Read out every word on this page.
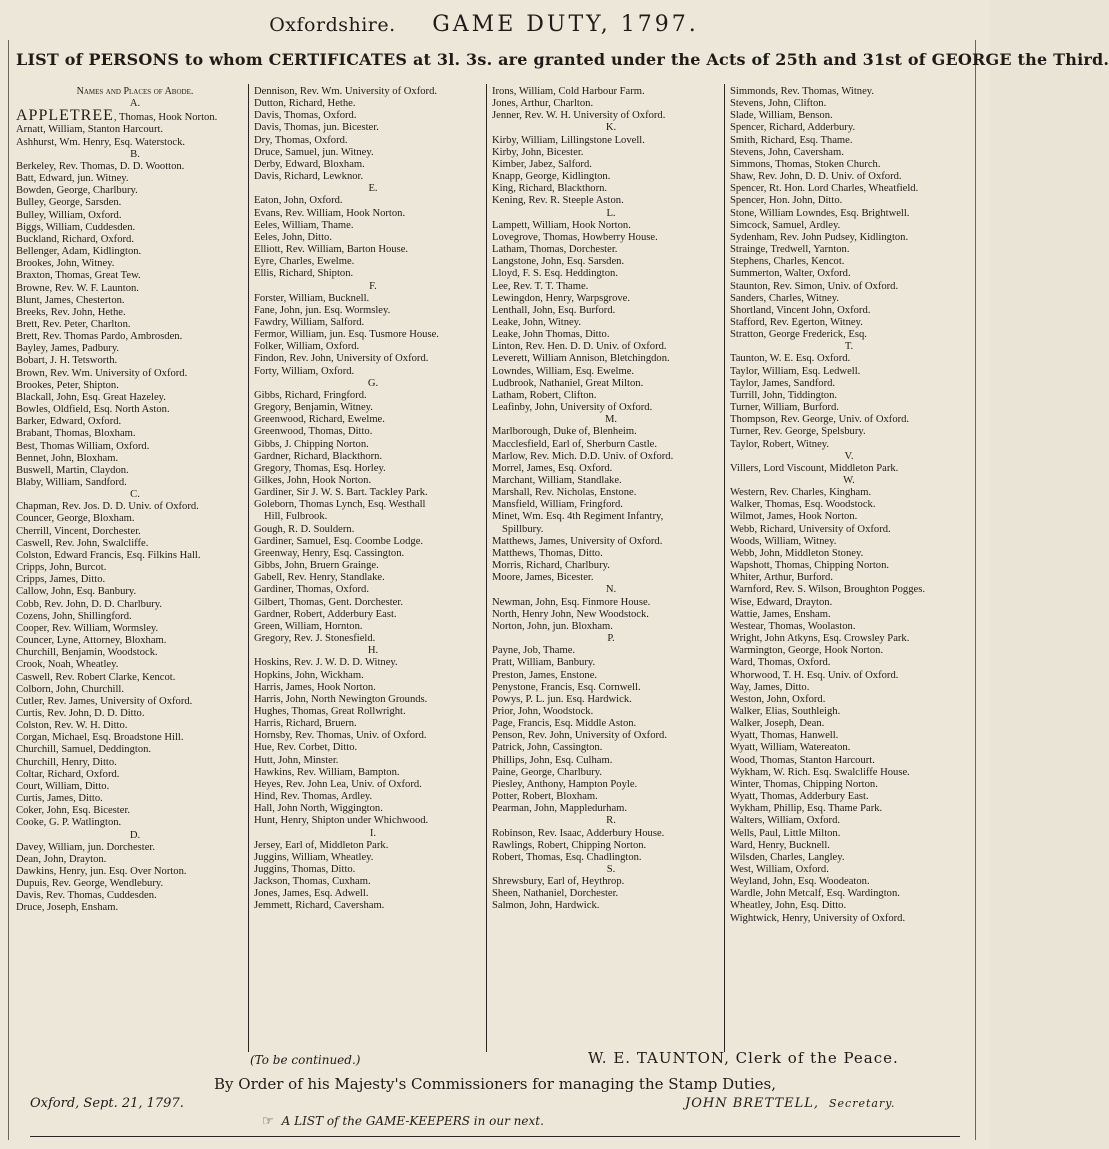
Oxfordshire. GAME DUTY, 1797.
LIST of PERSONS to whom CERTIFICATES at 3l. 3s. are granted under the Acts of 25th and 31st of GEORGE the Third.
Names and Places of Abode.
A.
APPLETREE, Thomas, Hook Norton.
Arnatt, William, Stanton Harcourt.
Ashhurst, Wm. Henry, Esq. Waterstock.
B.
Berkeley, Rev. Thomas, D. D. Wootton.
Batt, Edward, jun. Witney.
Bowden, George, Charlbury.
Bulley, George, Sarsden.
Bulley, William, Oxford.
Biggs, William, Cuddesden.
Buckland, Richard, Oxford.
Bellenger, Adam, Kidlington.
Brookes, John, Witney.
Braxton, Thomas, Great Tew.
Browne, Rev. W. F. Launton.
Blunt, James, Chesterton.
Breeks, Rev. John, Hethe.
Brett, Rev. Peter, Charlton.
Brett, Rev. Thomas Pardo, Ambrosden.
Bayley, James, Padbury.
Bobart, J. H. Tetsworth.
Brown, Rev. Wm. University of Oxford.
Brookes, Peter, Shipton.
Blackall, John, Esq. Great Hazeley.
Bowles, Oldfield, Esq. North Aston.
Barker, Edward, Oxford.
Brabant, Thomas, Bloxham.
Best, Thomas William, Oxford.
Bennet, John, Bloxham.
Buswell, Martin, Claydon.
Blaby, William, Sandford.
C.
Chapman, Rev. Jos. D. D. Univ. of Oxford.
Councer, George, Bloxham.
Cherrill, Vincent, Dorchester.
Caswell, Rev. John, Swalcliffe.
Colston, Edward Francis, Esq. Filkins Hall.
Cripps, John, Burcot.
Cripps, James, Ditto.
Callow, John, Esq. Banbury.
Cobb, Rev. John, D. D. Charlbury.
Cozens, John, Shillingford.
Cooper, Rev. William, Wormsley.
Councer, Lyne, Attorney, Bloxham.
Churchill, Benjamin, Woodstock.
Crook, Noah, Wheatley.
Caswell, Rev. Robert Clarke, Kencot.
Colborn, John, Churchill.
Cutler, Rev. James, University of Oxford.
Curtis, Rev. John, D. D. Ditto.
Colston, Rev. W. H. Ditto.
Corgan, Michael, Esq. Broadstone Hill.
Churchill, Samuel, Deddington.
Churchill, Henry, Ditto.
Coltar, Richard, Oxford.
Court, William, Ditto.
Curtis, James, Ditto.
Coker, John, Esq. Bicester.
Cooke, G. P. Watlington.
D.
Davey, William, jun. Dorchester.
Dean, John, Drayton.
Dawkins, Henry, jun. Esq. Over Norton.
Dupuis, Rev. George, Wendlebury.
Davis, Rev. Thomas, Cuddesden.
Druce, Joseph, Ensham.
Dennison, Rev. Wm. University of Oxford.
Dutton, Richard, Hethe.
Davis, Thomas, Oxford.
Davis, Thomas, jun. Bicester.
Dry, Thomas, Oxford.
Druce, Samuel, jun. Witney.
Derby, Edward, Bloxham.
Davis, Richard, Lewknor.
E.
Eaton, John, Oxford.
Evans, Rev. William, Hook Norton.
Eeles, William, Thame.
Eeles, John, Ditto.
Elliott, Rev. William, Barton House.
Eyre, Charles, Ewelme.
Ellis, Richard, Shipton.
F.
Forster, William, Bucknell.
Fane, John, jun. Esq. Wormsley.
Fawdry, William, Salford.
Fermor, William, jun. Esq. Tusmore House.
Folker, William, Oxford.
Findon, Rev. John, University of Oxford.
Forty, William, Oxford.
G.
Gibbs, Richard, Fringford.
Gregory, Benjamin, Witney.
Greenwood, Richard, Ewelme.
Greenwood, Thomas, Ditto.
Gibbs, J. Chipping Norton.
Gardner, Richard, Blackthorn.
Gregory, Thomas, Esq. Horley.
Gilkes, John, Hook Norton.
Gardiner, Sir J. W. S. Bart. Tackley Park.
Goleborn, Thomas Lynch, Esq. Westhall
Hill, Fulbrook.
Gough, R. D. Souldern.
Gardiner, Samuel, Esq. Coombe Lodge.
Greenway, Henry, Esq. Cassington.
Gibbs, John, Bruern Grainge.
Gabell, Rev. Henry, Standlake.
Gardiner, Thomas, Oxford.
Gilbert, Thomas, Gent. Dorchester.
Gardner, Robert, Adderbury East.
Green, William, Hornton.
Gregory, Rev. J. Stonesfield.
H.
Hoskins, Rev. J. W. D. D. Witney.
Hopkins, John, Wickham.
Harris, James, Hook Norton.
Harris, John, North Newington Grounds.
Hughes, Thomas, Great Rollwright.
Harris, Richard, Bruern.
Hornsby, Rev. Thomas, Univ. of Oxford.
Hue, Rev. Corbet, Ditto.
Hutt, John, Minster.
Hawkins, Rev. William, Bampton.
Heyes, Rev. John Lea, Univ. of Oxford.
Hind, Rev. Thomas, Ardley.
Hall, John North, Wiggington.
Hunt, Henry, Shipton under Whichwood.
I.
Jersey, Earl of, Middleton Park.
Juggins, William, Wheatley.
Juggins, Thomas, Ditto.
Jackson, Thomas, Cuxham.
Jones, James, Esq. Adwell.
Jemmett, Richard, Caversham.
Irons, William, Cold Harbour Farm.
Jones, Arthur, Charlton.
Jenner, Rev. W. H. University of Oxford.
K.
Kirby, William, Lillingstone Lovell.
Kirby, John, Bicester.
Kimber, Jabez, Salford.
Knapp, George, Kidlington.
King, Richard, Blackthorn.
Kening, Rev. R. Steeple Aston.
L.
Lampett, William, Hook Norton.
Lovegrove, Thomas, Howberry House.
Latham, Thomas, Dorchester.
Langstone, John, Esq. Sarsden.
Lloyd, F. S. Esq. Heddington.
Lee, Rev. T. T. Thame.
Lewingdon, Henry, Warpsgrove.
Lenthall, John, Esq. Burford.
Leake, John, Witney.
Leake, John Thomas, Ditto.
Linton, Rev. Hen. D. D. Univ. of Oxford.
Leverett, William Annison, Bletchingdon.
Lowndes, William, Esq. Ewelme.
Ludbrook, Nathaniel, Great Milton.
Latham, Robert, Clifton.
Leafinby, John, University of Oxford.
M.
Marlborough, Duke of, Blenheim.
Macclesfield, Earl of, Sherburn Castle.
Marlow, Rev. Mich. D.D. Univ. of Oxford.
Morrel, James, Esq. Oxford.
Marchant, William, Standlake.
Marshall, Rev. Nicholas, Enstone.
Mansfield, William, Fringford.
Minet, Wm. Esq. 4th Regiment Infantry,
Spillbury.
Matthews, James, University of Oxford.
Matthews, Thomas, Ditto.
Morris, Richard, Charlbury.
Moore, James, Bicester.
N.
Newman, John, Esq. Finmore House.
North, Henry John, New Woodstock.
Norton, John, jun. Bloxham.
P.
Payne, Job, Thame.
Pratt, William, Banbury.
Preston, James, Enstone.
Penystone, Francis, Esq. Cornwell.
Powys, P. L. jun. Esq. Hardwick.
Prior, John, Woodstock.
Page, Francis, Esq. Middle Aston.
Penson, Rev. John, University of Oxford.
Patrick, John, Cassington.
Phillips, John, Esq. Culham.
Paine, George, Charlbury.
Piesley, Anthony, Hampton Poyle.
Potter, Robert, Bloxham.
Pearman, John, Mappledurham.
R.
Robinson, Rev. Isaac, Adderbury House.
Rawlings, Robert, Chipping Norton.
Robert, Thomas, Esq. Chadlington.
S.
Shrewsbury, Earl of, Heythrop.
Sheen, Nathaniel, Dorchester.
Salmon, John, Hardwick.
Simmonds, Rev. Thomas, Witney.
Stevens, John, Clifton.
Slade, William, Benson.
Spencer, Richard, Adderbury.
Smith, Richard, Esq. Thame.
Stevens, John, Caversham.
Simmons, Thomas, Stoken Church.
Shaw, Rev. John, D. D. Univ. of Oxford.
Spencer, Rt. Hon. Lord Charles, Wheatfield.
Spencer, Hon. John, Ditto.
Stone, William Lowndes, Esq. Brightwell.
Simcock, Samuel, Ardley.
Sydenham, Rev. John Pudsey, Kidlington.
Strainge, Tredwell, Yarnton.
Stephens, Charles, Kencot.
Summerton, Walter, Oxford.
Staunton, Rev. Simon, Univ. of Oxford.
Sanders, Charles, Witney.
Shortland, Vincent John, Oxford.
Stafford, Rev. Egerton, Witney.
Stratton, George Frederick, Esq.
T.
Taunton, W. E. Esq. Oxford.
Taylor, William, Esq. Ledwell.
Taylor, James, Sandford.
Turrill, John, Tiddington.
Turner, William, Burford.
Thompson, Rev. George, Univ. of Oxford.
Turner, Rev. George, Spelsbury.
Taylor, Robert, Witney.
V.
Villers, Lord Viscount, Middleton Park.
W.
Western, Rev. Charles, Kingham.
Walker, Thomas, Esq. Woodstock.
Wilmot, James, Hook Norton.
Webb, Richard, University of Oxford.
Woods, William, Witney.
Webb, John, Middleton Stoney.
Wapshott, Thomas, Chipping Norton.
Whiter, Arthur, Burford.
Warnford, Rev. S. Wilson, Broughton Pogges.
Wise, Edward, Drayton.
Wattie, James, Ensham.
Westear, Thomas, Woolaston.
Wright, John Atkyns, Esq. Crowsley Park.
Warmington, George, Hook Norton.
Ward, Thomas, Oxford.
Whorwood, T. H. Esq. Univ. of Oxford.
Way, James, Ditto.
Weston, John, Oxford.
Walker, Elias, Southleigh.
Walker, Joseph, Dean.
Wyatt, Thomas, Hanwell.
Wyatt, William, Watereaton.
Wood, Thomas, Stanton Harcourt.
Wykham, W. Rich. Esq. Swalcliffe House.
Winter, Thomas, Chipping Norton.
Wyatt, Thomas, Adderbury East.
Wykham, Phillip, Esq. Thame Park.
Walters, William, Oxford.
Wells, Paul, Little Milton.
Ward, Henry, Bucknell.
Wilsden, Charles, Langley.
West, William, Oxford.
Weyland, John, Esq. Woodeaton.
Wardle, John Metcalf, Esq. Wardington.
Wheatley, John, Esq. Ditto.
Wightwick, Henry, University of Oxford.
(To be continued.)	W. E. TAUNTON, Clerk of the Peace.
By Order of his Majesty's Commissioners for managing the Stamp Duties,
Oxford, Sept. 21, 1797.	JOHN BRETTELL, Secretary.
☞ A LIST of the GAME-KEEPERS in our next.
